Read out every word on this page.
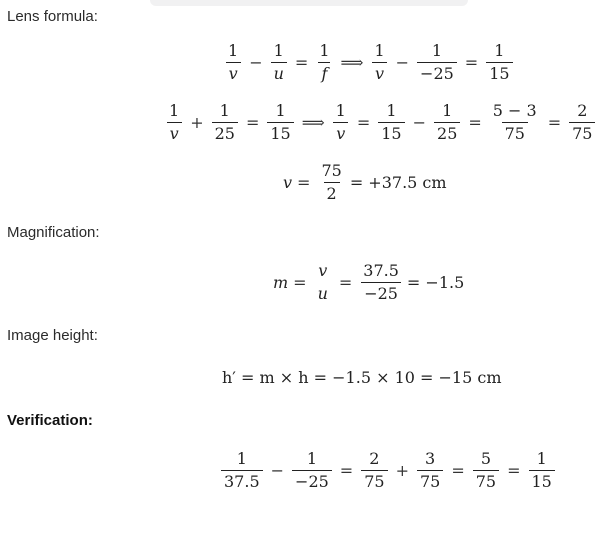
Lens formula:
$\frac{1}{v} - \frac{1}{u} = \frac{1}{f}$ ⟹ $\frac{1}{v} - \frac{1}{-25} = \frac{1}{15}$
$\frac{1}{v} + \frac{1}{25} = \frac{1}{15}$ ⟹ $\frac{1}{v} = \frac{1}{15} - \frac{1}{25} = \frac{5 - 3}{75} = \frac{2}{75}$
$v = \frac{75}{2} = +37.5$ cm
Magnification:
m =
v
u
= $\frac{37.5}{-25} = -1.5$
Image height:
h′ = m × h = −1.5 × 10 = −15 cm
Verification:
$\frac{1}{37.5} - \frac{1}{-25} = \frac{2}{75} + \frac{3}{75} = \frac{5}{75} = \frac{1}{15}$
